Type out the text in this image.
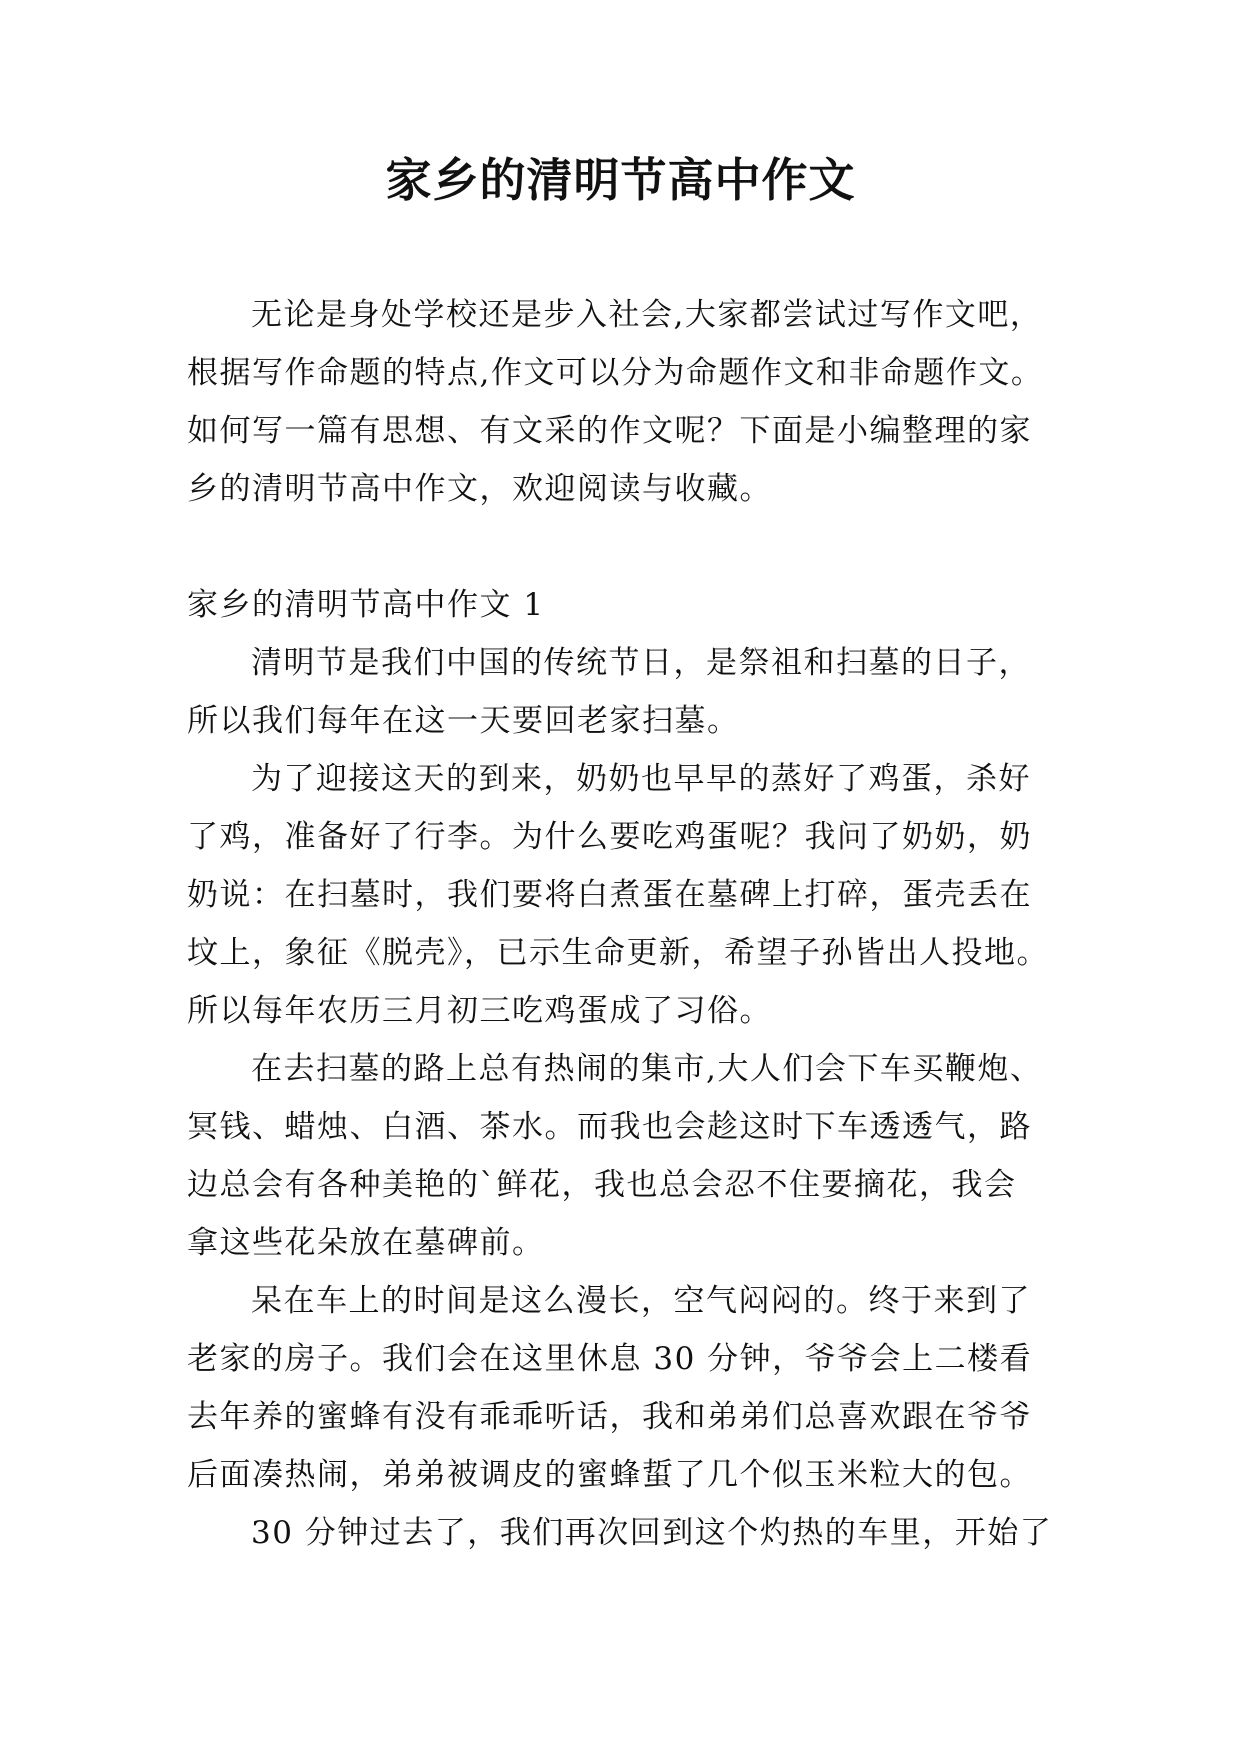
家乡的清明节高中作文
无论是身处学校还是步入社会,大家都尝试过写作文吧，
根据写作命题的特点,作文可以分为命题作文和非命题作文。
如何写一篇有思想、有文采的作文呢？下面是小编整理的家
乡的清明节高中作文，欢迎阅读与收藏。
家乡的清明节高中作文 1
清明节是我们中国的传统节日，是祭祖和扫墓的日子，
所以我们每年在这一天要回老家扫墓。
为了迎接这天的到来，奶奶也早早的蒸好了鸡蛋，杀好
了鸡，准备好了行李。为什么要吃鸡蛋呢？我问了奶奶，奶
奶说：在扫墓时，我们要将白煮蛋在墓碑上打碎，蛋壳丢在
坟上，象征《脱壳》，已示生命更新，希望子孙皆出人投地。
所以每年农历三月初三吃鸡蛋成了习俗。
在去扫墓的路上总有热闹的集市,大人们会下车买鞭炮、
冥钱、蜡烛、白酒、茶水。而我也会趁这时下车透透气，路
边总会有各种美艳的`鲜花，我也总会忍不住要摘花，我会
拿这些花朵放在墓碑前。
呆在车上的时间是这么漫长，空气闷闷的。终于来到了
老家的房子。我们会在这里休息 30 分钟，爷爷会上二楼看
去年养的蜜蜂有没有乖乖听话，我和弟弟们总喜欢跟在爷爷
后面凑热闹，弟弟被调皮的蜜蜂蜇了几个似玉米粒大的包。
30 分钟过去了，我们再次回到这个灼热的车里，开始了
